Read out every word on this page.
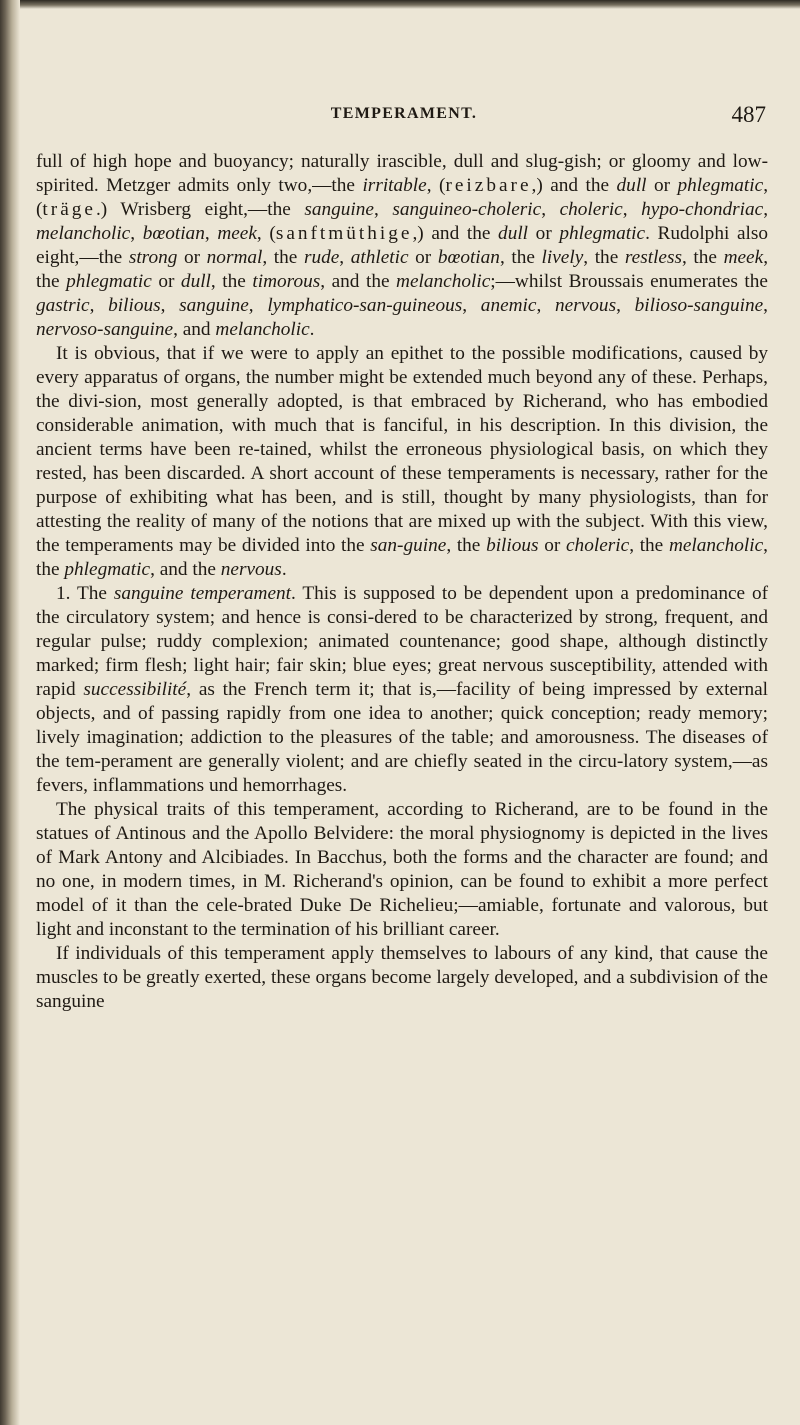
TEMPERAMENT.	487

full of high hope and buoyancy; naturally irascible, dull and slug-gish; or gloomy and low-spirited. Metzger admits only two,—the irritable, (reizbare,) and the dull or phlegmatic, (träge.) Wrisberg eight,—the sanguine, sanguineo-choleric, choleric, hypo-chondriac, melancholic, bœotian, meek, (sanftmüthige,) and the dull or phlegmatic. Rudolphi also eight,—the strong or normal, the rude, athletic or bœotian, the lively, the restless, the meek, the phlegmatic or dull, the timorous, and the melancholic;—whilst Broussais enumerates the gastric, bilious, sanguine, lymphatico-san-guineous, anemic, nervous, bilioso-sanguine, nervoso-sanguine, and melancholic.

It is obvious, that if we were to apply an epithet to the possible modifications, caused by every apparatus of organs, the number might be extended much beyond any of these. Perhaps, the divi-sion, most generally adopted, is that embraced by Richerand, who has embodied considerable animation, with much that is fanciful, in his description. In this division, the ancient terms have been re-tained, whilst the erroneous physiological basis, on which they rested, has been discarded. A short account of these temperaments is necessary, rather for the purpose of exhibiting what has been, and is still, thought by many physiologists, than for attesting the reality of many of the notions that are mixed up with the subject. With this view, the temperaments may be divided into the san-guine, the bilious or choleric, the melancholic, the phlegmatic, and the nervous.

1. The sanguine temperament. This is supposed to be dependent upon a predominance of the circulatory system; and hence is consi-dered to be characterized by strong, frequent, and regular pulse; ruddy complexion; animated countenance; good shape, although distinctly marked; firm flesh; light hair; fair skin; blue eyes; great nervous susceptibility, attended with rapid successibilité, as the French term it; that is,—facility of being impressed by external objects, and of passing rapidly from one idea to another; quick conception; ready memory; lively imagination; addiction to the pleasures of the table; and amorousness. The diseases of the tem-perament are generally violent; and are chiefly seated in the circu-latory system,—as fevers, inflammations und hemorrhages.

The physical traits of this temperament, according to Richerand, are to be found in the statues of Antinous and the Apollo Belvidere: the moral physiognomy is depicted in the lives of Mark Antony and Alcibiades. In Bacchus, both the forms and the character are found; and no one, in modern times, in M. Richerand's opinion, can be found to exhibit a more perfect model of it than the cele-brated Duke De Richelieu;—amiable, fortunate and valorous, but light and inconstant to the termination of his brilliant career.

If individuals of this temperament apply themselves to labours of any kind, that cause the muscles to be greatly exerted, these organs become largely developed, and a subdivision of the sanguine
